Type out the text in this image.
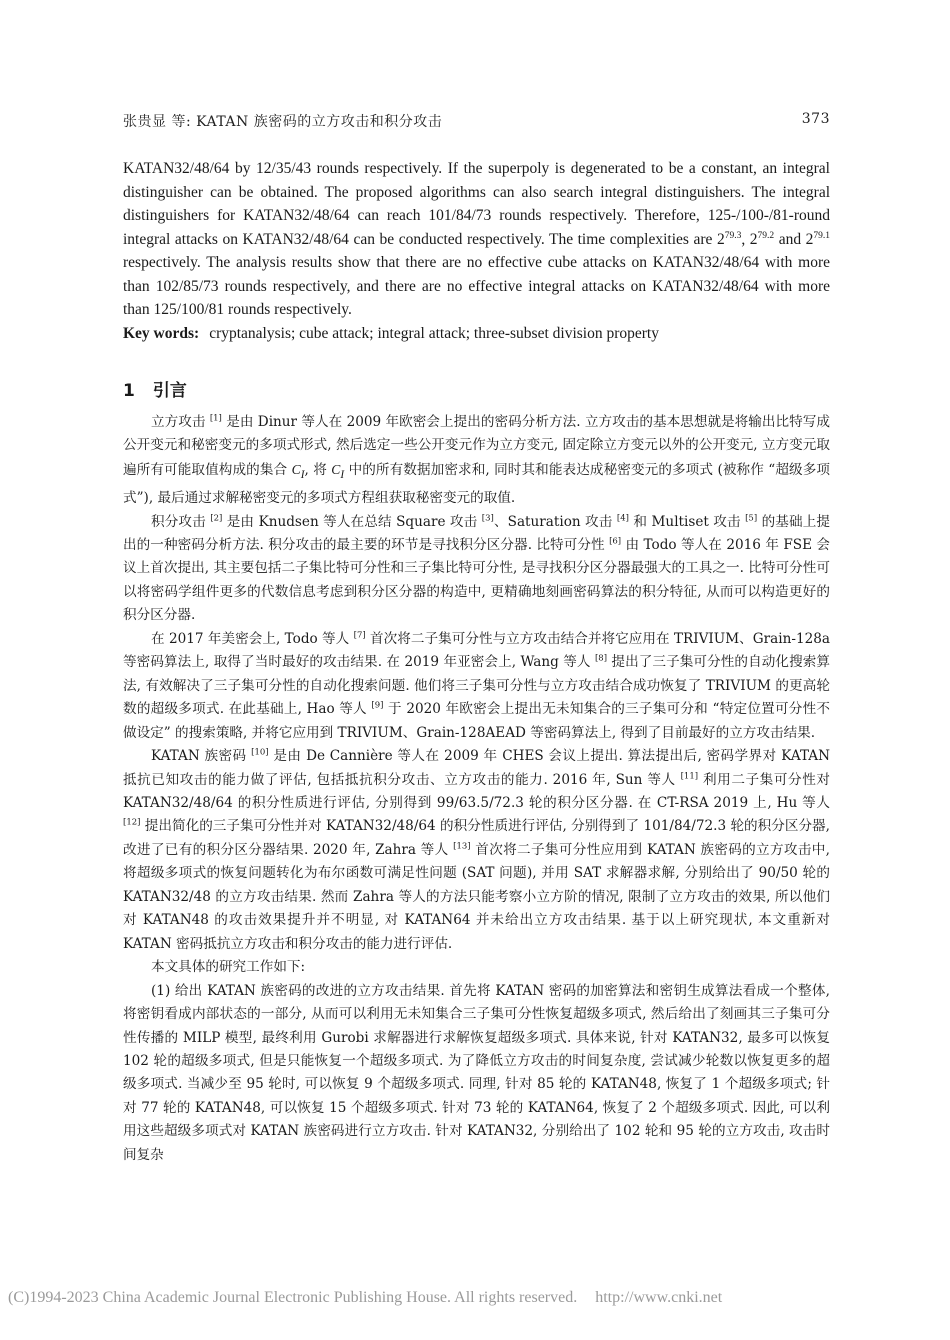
张贵显 等: KATAN 族密码的立方攻击和积分攻击	373

KATAN32/48/64 by 12/35/43 rounds respectively. If the superpoly is degenerated to be a constant, an integral distinguisher can be obtained. The proposed algorithms can also search integral distinguishers. The integral distinguishers for KATAN32/48/64 can reach 101/84/73 rounds respectively. Therefore, 125-/100-/81-round integral attacks on KATAN32/48/64 can be conducted respectively. The time complexities are $2^{79.3}$, $2^{79.2}$ and $2^{79.1}$ respectively. The analysis results show that there are no effective cube attacks on KATAN32/48/64 with more than 102/85/73 rounds respectively, and there are no effective integral attacks on KATAN32/48/64 with more than 125/100/81 rounds respectively.

Key words: cryptanalysis; cube attack; integral attack; three-subset division property
1 引言

立方攻击 [1] 是由 Dinur 等人在 2009 年欧密会上提出的密码分析方法. 立方攻击的基本思想就是将输出比特写成公开变元和秘密变元的多项式形式, 然后选定一些公开变元作为立方变元, 固定除立方变元以外的公开变元, 立方变元取遍所有可能取值构成的集合 $C_I$, 将 $C_I$ 中的所有数据加密求和, 同时其和能表达成秘密变元的多项式 (被称作 “超级多项式”), 最后通过求解秘密变元的多项式方程组获取秘密变元的取值.

积分攻击 [2] 是由 Knudsen 等人在总结 Square 攻击 [3]、Saturation 攻击 [4] 和 Multiset 攻击 [5] 的基础上提出的一种密码分析方法. 积分攻击的最主要的环节是寻找积分区分器. 比特可分性 [6] 由 Todo 等人在 2016 年 FSE 会议上首次提出, 其主要包括二子集比特可分性和三子集比特可分性, 是寻找积分区分器最强大的工具之一. 比特可分性可以将密码学组件更多的代数信息考虑到积分区分器的构造中, 更精确地刻画密码算法的积分特征, 从而可以构造更好的积分区分器.

在 2017 年美密会上, Todo 等人 [7] 首次将二子集可分性与立方攻击结合并将它应用在 TRIVIUM、Grain-128a 等密码算法上, 取得了当时最好的攻击结果. 在 2019 年亚密会上, Wang 等人 [8] 提出了三子集可分性的自动化搜索算法, 有效解决了三子集可分性的自动化搜索问题. 他们将三子集可分性与立方攻击结合成功恢复了 TRIVIUM 的更高轮数的超级多项式. 在此基础上, Hao 等人 [9] 于 2020 年欧密会上提出无未知集合的三子集可分和 “特定位置可分性不做设定” 的搜索策略, 并将它应用到 TRIVIUM、Grain-128AEAD 等密码算法上, 得到了目前最好的立方攻击结果.

KATAN 族密码 [10] 是由 De Cannière 等人在 2009 年 CHES 会议上提出. 算法提出后, 密码学界对 KATAN 抵抗已知攻击的能力做了评估, 包括抵抗积分攻击、立方攻击的能力. 2016 年, Sun 等人 [11] 利用二子集可分性对 KATAN32/48/64 的积分性质进行评估, 分别得到 99/63.5/72.3 轮的积分区分器. 在 CT-RSA 2019 上, Hu 等人 [12] 提出简化的三子集可分性并对 KATAN32/48/64 的积分性质进行评估, 分别得到了 101/84/72.3 轮的积分区分器, 改进了已有的积分区分器结果. 2020 年, Zahra 等人 [13] 首次将二子集可分性应用到 KATAN 族密码的立方攻击中, 将超级多项式的恢复问题转化为布尔函数可满足性问题 (SAT 问题), 并用 SAT 求解器求解, 分别给出了 90/50 轮的 KATAN32/48 的立方攻击结果. 然而 Zahra 等人的方法只能考察小立方阶的情况, 限制了立方攻击的效果, 所以他们对 KATAN48 的攻击效果提升并不明显, 对 KATAN64 并未给出立方攻击结果. 基于以上研究现状, 本文重新对 KATAN 密码抵抗立方攻击和积分攻击的能力进行评估.

本文具体的研究工作如下:

(1) 给出 KATAN 族密码的改进的立方攻击结果. 首先将 KATAN 密码的加密算法和密钥生成算法看成一个整体, 将密钥看成内部状态的一部分, 从而可以利用无未知集合三子集可分性恢复超级多项式, 然后给出了刻画其三子集可分性传播的 MILP 模型, 最终利用 Gurobi 求解器进行求解恢复超级多项式. 具体来说, 针对 KATAN32, 最多可以恢复 102 轮的超级多项式, 但是只能恢复一个超级多项式. 为了降低立方攻击的时间复杂度, 尝试减少轮数以恢复更多的超级多项式. 当减少至 95 轮时, 可以恢复 9 个超级多项式. 同理, 针对 85 轮的 KATAN48, 恢复了 1 个超级多项式; 针对 77 轮的 KATAN48, 可以恢复 15 个超级多项式. 针对 73 轮的 KATAN64, 恢复了 2 个超级多项式. 因此, 可以利用这些超级多项式对 KATAN 族密码进行立方攻击. 针对 KATAN32, 分别给出了 102 轮和 95 轮的立方攻击, 攻击时间复杂

(C)1994-2023 China Academic Journal Electronic Publishing House. All rights reserved. http://www.cnki.net
